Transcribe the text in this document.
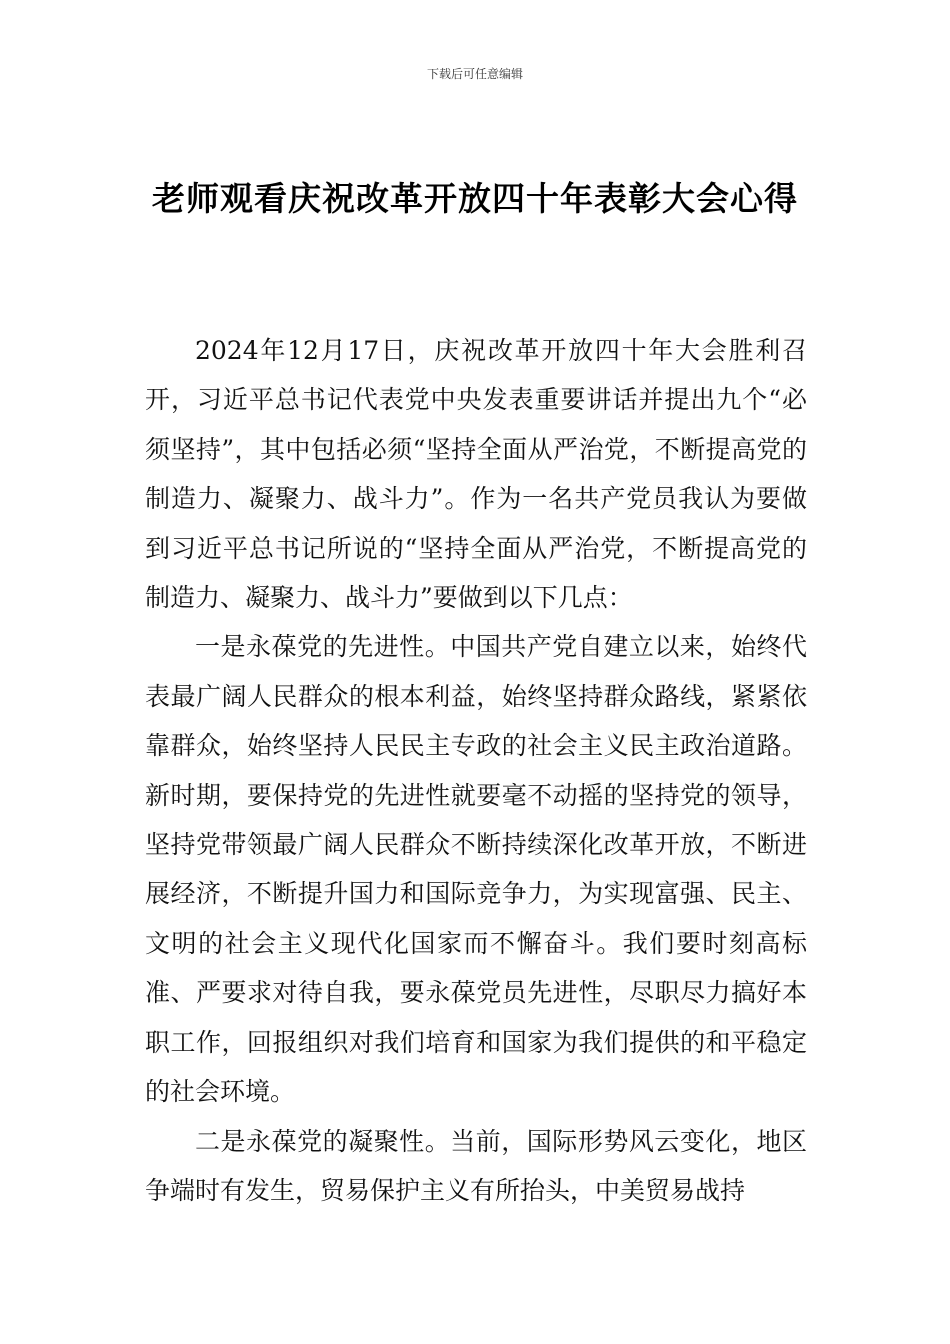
下载后可任意编辑
老师观看庆祝改革开放四十年表彰大会心得

2024年12月17日，庆祝改革开放四十年大会胜利召开，习近平总书记代表党中央发表重要讲话并提出九个“必须坚持”，其中包括必须“坚持全面从严治党，不断提高党的制造力、凝聚力、战斗力”。作为一名共产党员我认为要做到习近平总书记所说的“坚持全面从严治党，不断提高党的制造力、凝聚力、战斗力”要做到以下几点：

一是永葆党的先进性。中国共产党自建立以来，始终代表最广阔人民群众的根本利益，始终坚持群众路线，紧紧依靠群众，始终坚持人民民主专政的社会主义民主政治道路。新时期，要保持党的先进性就要毫不动摇的坚持党的领导，坚持党带领最广阔人民群众不断持续深化改革开放，不断进展经济，不断提升国力和国际竞争力，为实现富强、民主、文明的社会主义现代化国家而不懈奋斗。我们要时刻高标准、严要求对待自我，要永葆党员先进性，尽职尽力搞好本职工作，回报组织对我们培育和国家为我们提供的和平稳定的社会环境。

二是永葆党的凝聚性。当前，国际形势风云变化，地区争端时有发生，贸易保护主义有所抬头，中美贸易战持
